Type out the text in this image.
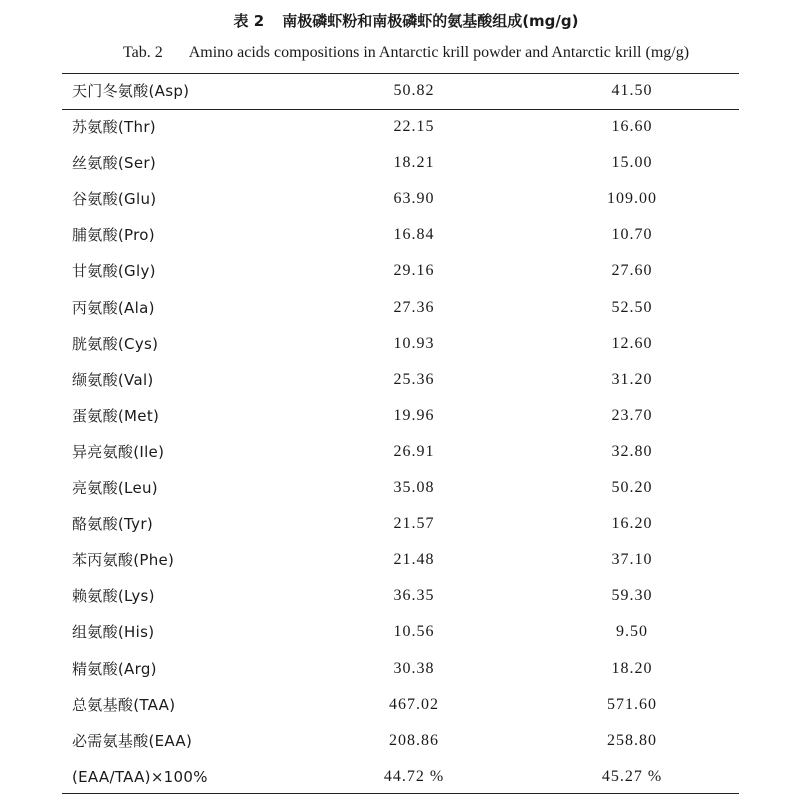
表 2 南极磷虾粉和南极磷虾的氨基酸组成(mg/g)
Tab. 2 Amino acids compositions in Antarctic krill powder and Antarctic krill (mg/g)
天门冬氨酸(Asp)	50.82	41.50
苏氨酸(Thr)	22.15	16.60
丝氨酸(Ser)	18.21	15.00
谷氨酸(Glu)	63.90	109.00
脯氨酸(Pro)	16.84	10.70
甘氨酸(Gly)	29.16	27.60
丙氨酸(Ala)	27.36	52.50
胱氨酸(Cys)	10.93	12.60
缬氨酸(Val)	25.36	31.20
蛋氨酸(Met)	19.96	23.70
异亮氨酸(Ile)	26.91	32.80
亮氨酸(Leu)	35.08	50.20
酪氨酸(Tyr)	21.57	16.20
苯丙氨酸(Phe)	21.48	37.10
赖氨酸(Lys)	36.35	59.30
组氨酸(His)	10.56	9.50
精氨酸(Arg)	30.38	18.20
总氨基酸(TAA)	467.02	571.60
必需氨基酸(EAA)	208.86	258.80
(EAA/TAA)×100%	44.72 %	45.27 %
